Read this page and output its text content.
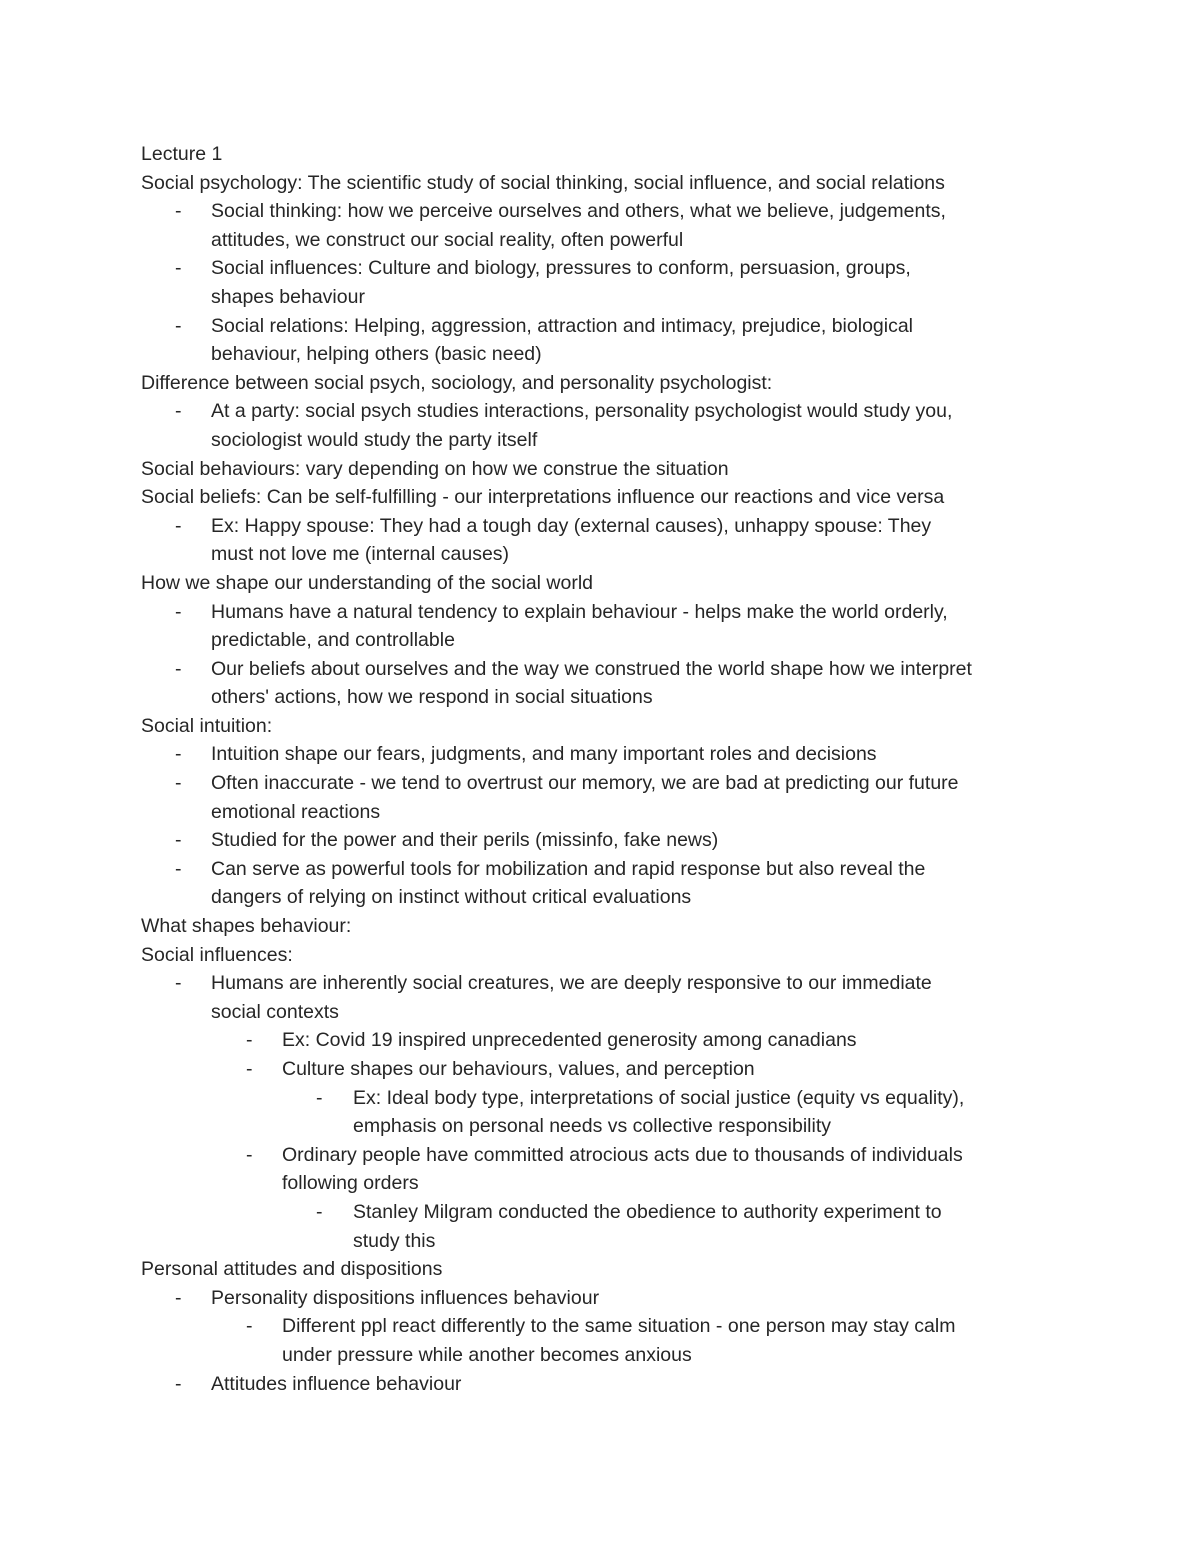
Lecture 1
Social psychology: The scientific study of social thinking, social influence, and social relations
- Social thinking: how we perceive ourselves and others, what we believe, judgements,
attitudes, we construct our social reality, often powerful
- Social influences: Culture and biology, pressures to conform, persuasion, groups,
shapes behaviour
- Social relations: Helping, aggression, attraction and intimacy, prejudice, biological
behaviour, helping others (basic need)
Difference between social psych, sociology, and personality psychologist:
- At a party: social psych studies interactions, personality psychologist would study you,
sociologist would study the party itself
Social behaviours: vary depending on how we construe the situation
Social beliefs: Can be self-fulfilling - our interpretations influence our reactions and vice versa
- Ex: Happy spouse: They had a tough day (external causes), unhappy spouse: They
must not love me (internal causes)
How we shape our understanding of the social world
- Humans have a natural tendency to explain behaviour - helps make the world orderly,
predictable, and controllable
- Our beliefs about ourselves and the way we construed the world shape how we interpret
others' actions, how we respond in social situations
Social intuition:
- Intuition shape our fears, judgments, and many important roles and decisions
- Often inaccurate - we tend to overtrust our memory, we are bad at predicting our future
emotional reactions
- Studied for the power and their perils (missinfo, fake news)
- Can serve as powerful tools for mobilization and rapid response but also reveal the
dangers of relying on instinct without critical evaluations
What shapes behaviour:
Social influences:
- Humans are inherently social creatures, we are deeply responsive to our immediate
social contexts
- Ex: Covid 19 inspired unprecedented generosity among canadians
- Culture shapes our behaviours, values, and perception
- Ex: Ideal body type, interpretations of social justice (equity vs equality),
emphasis on personal needs vs collective responsibility
- Ordinary people have committed atrocious acts due to thousands of individuals
following orders
- Stanley Milgram conducted the obedience to authority experiment to
study this
Personal attitudes and dispositions
- Personality dispositions influences behaviour
- Different ppl react differently to the same situation - one person may stay calm
under pressure while another becomes anxious
- Attitudes influence behaviour
